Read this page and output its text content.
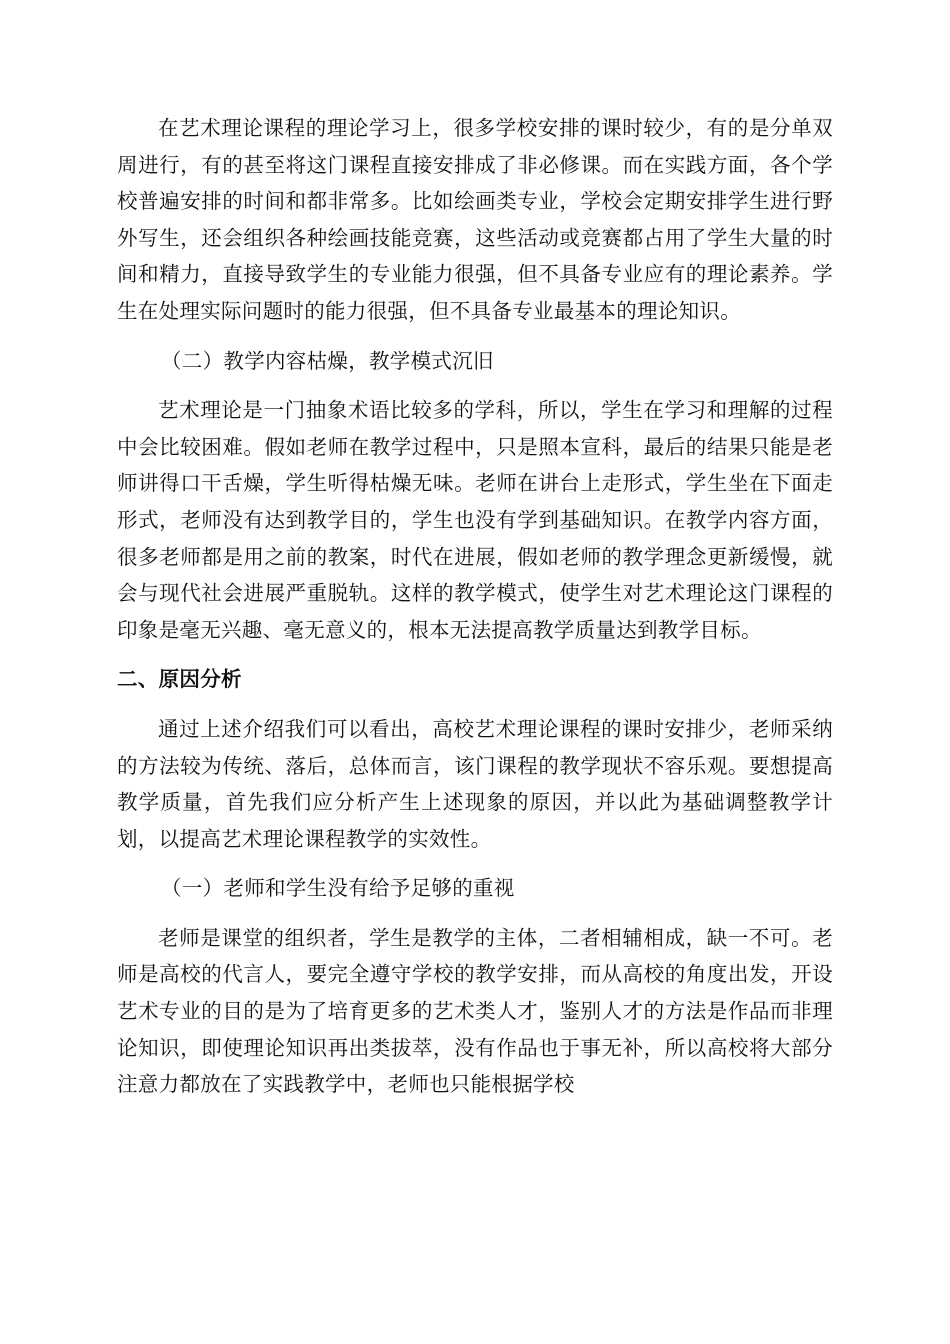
在艺术理论课程的理论学习上，很多学校安排的课时较少，有的是分单双周进行，有的甚至将这门课程直接安排成了非必修课。而在实践方面，各个学校普遍安排的时间和都非常多。比如绘画类专业，学校会定期安排学生进行野外写生，还会组织各种绘画技能竞赛，这些活动或竞赛都占用了学生大量的时间和精力，直接导致学生的专业能力很强，但不具备专业应有的理论素养。学生在处理实际问题时的能力很强，但不具备专业最基本的理论知识。

（二）教学内容枯燥，教学模式沉旧

艺术理论是一门抽象术语比较多的学科，所以，学生在学习和理解的过程中会比较困难。假如老师在教学过程中，只是照本宣科，最后的结果只能是老师讲得口干舌燥，学生听得枯燥无味。老师在讲台上走形式，学生坐在下面走形式，老师没有达到教学目的，学生也没有学到基础知识。在教学内容方面，很多老师都是用之前的教案，时代在进展，假如老师的教学理念更新缓慢，就会与现代社会进展严重脱轨。这样的教学模式，使学生对艺术理论这门课程的印象是毫无兴趣、毫无意义的，根本无法提高教学质量达到教学目标。

二、原因分析

通过上述介绍我们可以看出，高校艺术理论课程的课时安排少，老师采纳的方法较为传统、落后，总体而言，该门课程的教学现状不容乐观。要想提高教学质量，首先我们应分析产生上述现象的原因，并以此为基础调整教学计划，以提高艺术理论课程教学的实效性。

（一）老师和学生没有给予足够的重视

老师是课堂的组织者，学生是教学的主体，二者相辅相成，缺一不可。老师是高校的代言人，要完全遵守学校的教学安排，而从高校的角度出发，开设艺术专业的目的是为了培育更多的艺术类人才，鉴别人才的方法是作品而非理论知识，即使理论知识再出类拔萃，没有作品也于事无补，所以高校将大部分注意力都放在了实践教学中，老师也只能根据学校
